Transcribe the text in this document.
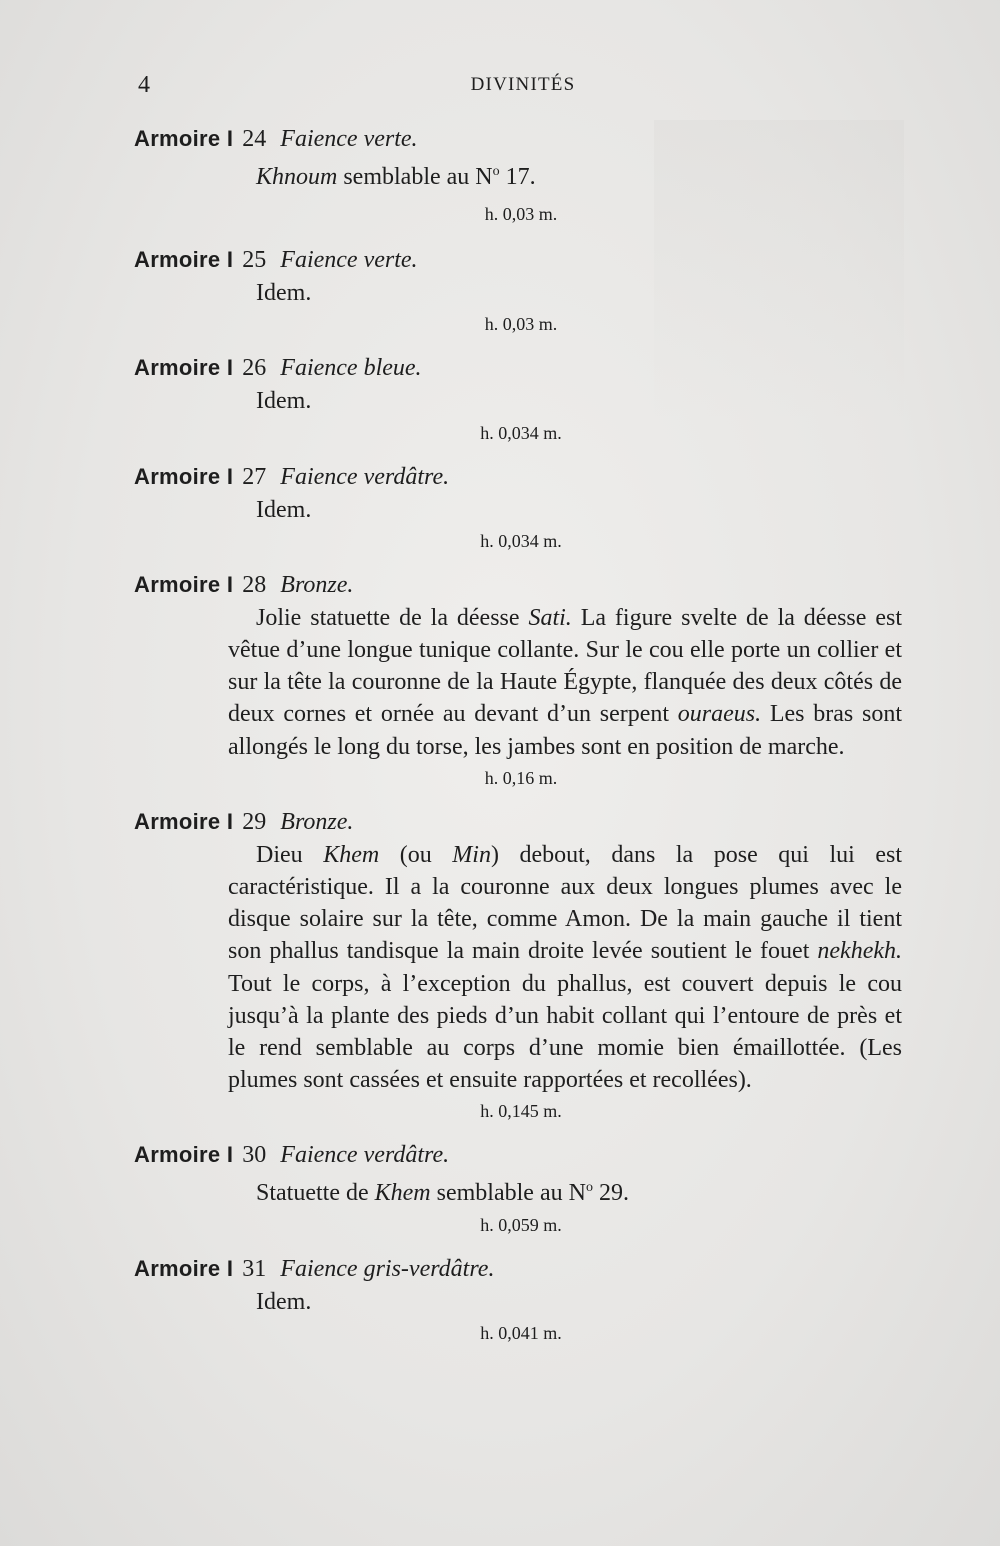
4	DIVINITÉS
Armoire I 24 Faience verte.
Khnoum semblable au $N^o$ 17.
h. 0,03 m.
Armoire I 25 Faience verte.
Idem.
h. 0,03 m.
Armoire I 26 Faience bleue.
Idem.
h. 0,034 m.
Armoire I 27 Faience verdâtre.
Idem.
h. 0,034 m.
Armoire I 28 Bronze.
Jolie statuette de la déesse Sati. La figure svelte de la déesse est vêtue d’une longue tunique collante. Sur le cou elle porte un collier et sur la tête la couronne de la Haute Égypte, flanquée des deux côtés de deux cornes et ornée au devant d’un serpent ouraeus. Les bras sont allongés le long du torse, les jambes sont en position de marche.
h. 0,16 m.
Armoire I 29 Bronze.
Dieu Khem (ou Min) debout, dans la pose qui lui est caractéristique. Il a la couronne aux deux longues plumes avec le disque solaire sur la tête, comme Amon. De la main gauche il tient son phallus tandisque la main droite levée soutient le fouet nekhekh. Tout le corps, à l’exception du phallus, est couvert depuis le cou jusqu’à la plante des pieds d’un habit collant qui l’entoure de près et le rend semblable au corps d’une momie bien émaillottée. (Les plumes sont cassées et ensuite rapportées et recollées).
h. 0,145 m.
Armoire I 30 Faience verdâtre.
Statuette de Khem semblable au $N^o$ 29.
h. 0,059 m.
Armoire I 31 Faience gris-verdâtre.
Idem.
h. 0,041 m.
